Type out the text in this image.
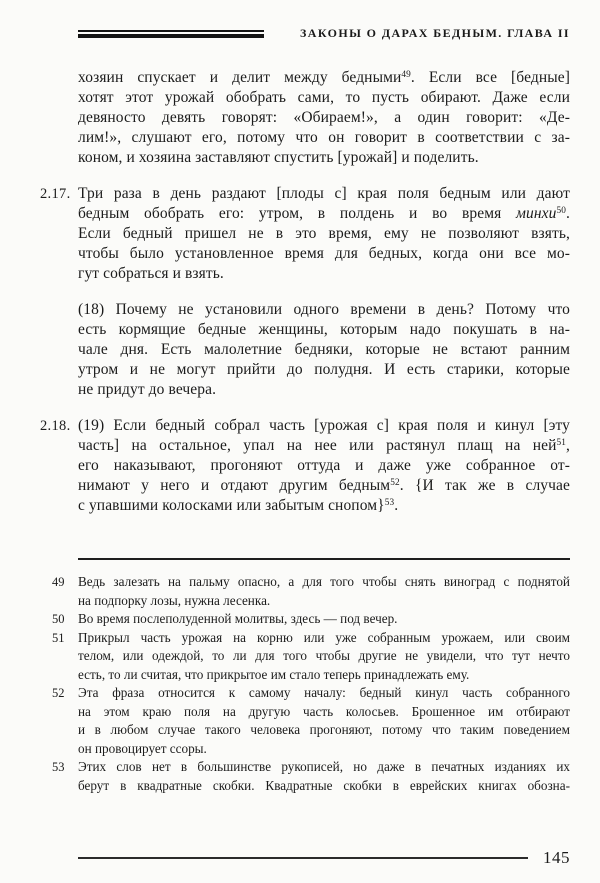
ЗАКОНЫ О ДАРАХ БЕДНЫМ. ГЛАВА II
хозяин спускает и делит между бедными$^{49}$. Если все [бедные]
хотят этот урожай обобрать сами, то пусть обирают. Даже если
девяносто девять говорят: «Обираем!», а один говорит: «Де-
лим!», слушают его, потому что он говорит в соответствии с за-
коном, и хозяина заставляют спустить [урожай] и поделить.
2.17. Три раза в день раздают [плоды с] края поля бедным или дают
бедным обобрать его: утром, в полдень и во время минхи$^{50}$.
Если бедный пришел не в это время, ему не позволяют взять,
чтобы было установленное время для бедных, когда они все мо-
гут собраться и взять.
(18) Почему не установили одного времени в день? Потому что
есть кормящие бедные женщины, которым надо покушать в на-
чале дня. Есть малолетние бедняки, которые не встают ранним
утром и не могут прийти до полудня. И есть старики, которые
не придут до вечера.
2.18. (19) Если бедный собрал часть [урожая с] края поля и кинул [эту
часть] на остальное, упал на нее или растянул плащ на ней$^{51}$,
его наказывают, прогоняют оттуда и даже уже собранное от-
нимают у него и отдают другим бедным$^{52}$. {И так же в случае
с упавшими колосками или забытым снопом}$^{53}$.
49	Ведь залезать на пальму опасно, а для того чтобы снять виноград с поднятой
на подпорку лозы, нужна лесенка.
50	Во время послеполуденной молитвы, здесь — под вечер.
51	Прикрыл часть урожая на корню или уже собранным урожаем, или своим
телом, или одеждой, то ли для того чтобы другие не увидели, что тут нечто
есть, то ли считая, что прикрытое им стало теперь принадлежать ему.
52	Эта фраза относится к самому началу: бедный кинул часть собранного
на этом краю поля на другую часть колосьев. Брошенное им отбирают
и в любом случае такого человека прогоняют, потому что таким поведением
он провоцирует ссоры.
53	Этих слов нет в большинстве рукописей, но даже в печатных изданиях их
берут в квадратные скобки. Квадратные скобки в еврейских книгах обозна-
145
